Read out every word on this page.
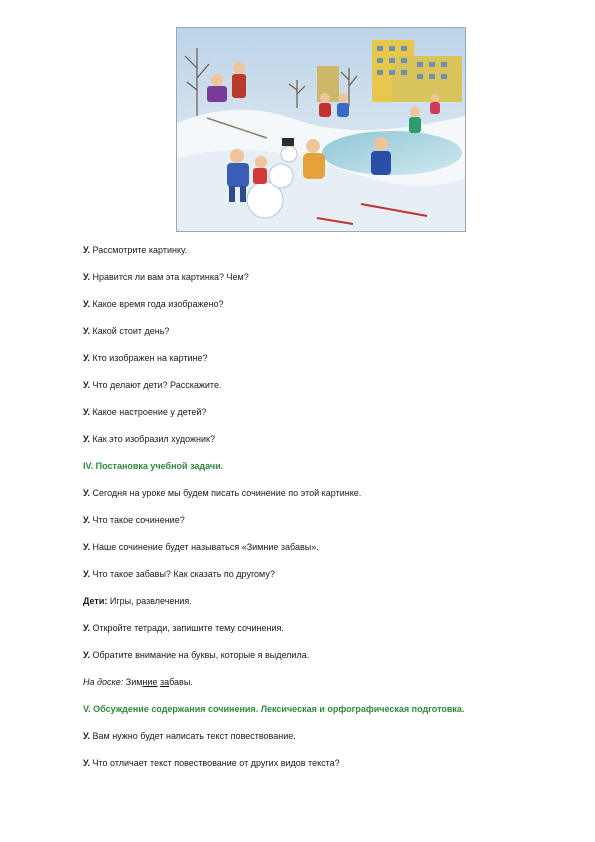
У. Рассмотрите картинку.
У. Нравится ли вам эта картинка? Чем?
У. Какое время года изображено?
У. Какой стоит день?
У. Кто изображен на картине?
У. Что делают дети? Расскажите.
У. Какое настроение у детей?
У. Как это изобразил художник?
IV. Постановка учебной задачи.
У. Сегодня на уроке мы будем писать сочинение по этой картинке.
У. Что такое сочинение?
У. Наше сочинение будет называться «Зимние забавы».
У. Что такое забавы? Как сказать по другому?
Дети: Игры, развлечения.
У. Откройте тетради, запишите тему сочинения.
У. Обратите внимание на буквы, которые я выделила.
На доске: Зимние забавы.
V. Обсуждение содержания сочинения. Лексическая и орфографическая подготовка.
У. Вам нужно будет написать текст повествование.
У. Что отличает текст повествование от других видов текста?
